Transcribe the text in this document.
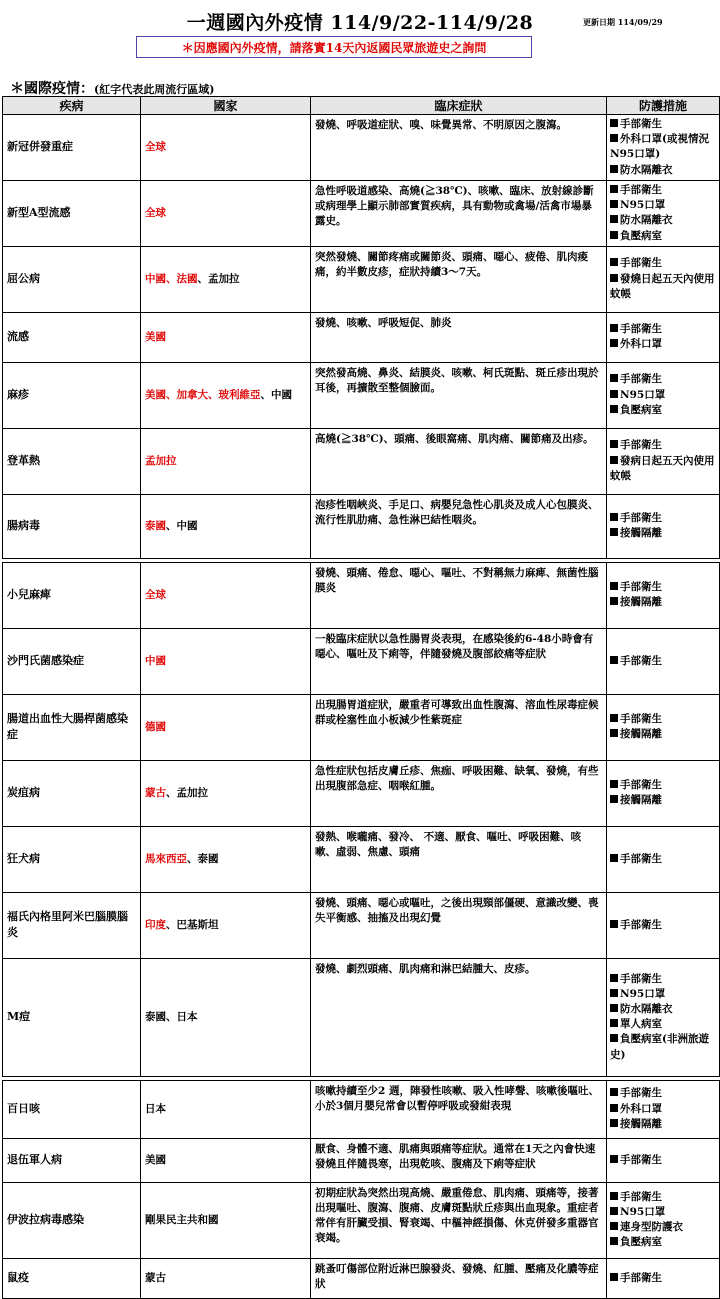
一週國內外疫情 114/9/22-114/9/28	更新日期 114/09/29
＊因應國內外疫情，請落實14天內返國民眾旅遊史之詢問
＊國際疫情：(紅字代表此周流行區域)
疾病	國家	臨床症狀	防護措施
新冠併發重症	全球	發燒、呼吸道症狀、嗅、味覺異常、不明原因之腹瀉。	手部衛生
外科口罩(或視情況N95口罩)
防水隔離衣

新型A型流感	全球	急性呼吸道感染、高燒(≧38℃)、咳嗽、臨床、放射線診斷或病理學上顯示肺部實質疾病，具有動物或禽場/活禽市場暴露史。	手部衛生
N95口罩
防水隔離衣
負壓病室

屈公病	中國、法國、孟加拉	突然發燒、關節疼痛或關節炎、頭痛、噁心、疲倦、肌肉痠痛，約半數皮疹，症狀持續3～7天。	手部衛生
發燒日起五天內使用蚊帳

流感	美國	發燒、咳嗽、呼吸短促、肺炎	手部衛生
外科口罩

麻疹	美國、加拿大、玻利維亞、中國	突然發高燒、鼻炎、結膜炎、咳嗽、柯氏斑點、斑丘疹出現於耳後，再擴散至整個臉面。	手部衛生
N95口罩
負壓病室

登革熱	孟加拉	高燒(≧38℃)、頭痛、後眼窩痛、肌肉痛、關節痛及出疹。	手部衛生
發病日起五天內使用蚊帳

腸病毒	泰國、中國	泡疹性咽峽炎、手足口、病嬰兒急性心肌炎及成人心包膜炎、流行性肌肋痛、急性淋巴結性咽炎。	手部衛生
接觸隔離

小兒麻痺	全球	發燒、頭痛、倦怠、噁心、嘔吐、不對稱無力麻痺、無菌性腦膜炎	手部衛生
接觸隔離

沙門氏菌感染症	中國	一般臨床症狀以急性腸胃炎表現，在感染後約6-48小時會有噁心、嘔吐及下痢等，伴隨發燒及腹部絞痛等症狀	手部衛生

腸道出血性大腸桿菌感染症	德國	出現腸胃道症狀，嚴重者可導致出血性腹瀉、溶血性尿毒症候 群或栓塞性血小板減少性紫斑症	手部衛生
接觸隔離

炭疽病	蒙古、孟加拉	急性症狀包括皮膚丘疹、焦痂、呼吸困難、缺氧、發燒，有些出現腹部急症、咽喉紅腫。	手部衛生
接觸隔離

狂犬病	馬來西亞、泰國	發熱、喉嚨痛、發冷、 不適、厭食、嘔吐、呼吸困難、咳嗽、虛弱、焦慮、頭痛	手部衛生

福氏內格里阿米巴腦膜腦炎	印度、巴基斯坦	發燒、頭痛、噁心或嘔吐，之後出現頸部僵硬、意識改變、喪失平衡感、抽搐及出現幻覺	手部衛生

M痘	泰國、日本	發燒、劇烈頭痛、肌肉痛和淋巴結腫大、皮疹。	手部衛生
N95口罩
防水隔離衣
單人病室
負壓病室(非洲旅遊史)

百日咳	日本	咳嗽持續至少2 週，陣發性咳嗽、吸入性哮聲、咳嗽後嘔吐、小於3個月嬰兒常會以暫停呼吸或發紺表現	手部衛生
外科口罩
接觸隔離

退伍軍人病	美國	厭食、身體不適、肌痛與頭痛等症狀。通常在1天之內會快速發燒且伴隨畏寒，出現乾咳、腹痛及下痢等症狀	手部衛生

伊波拉病毒感染	剛果民主共和國	初期症狀為突然出現高燒、嚴重倦怠、肌肉痛、頭痛等，接著出現嘔吐、腹瀉、腹痛、皮膚斑點狀丘疹與出血現象。重症者常伴有肝臟受損、腎衰竭、中樞神經損傷、休克併發多重器官衰竭。	手部衛生
N95口罩
連身型防護衣
負壓病室

鼠疫	蒙古	跳蚤叮傷部位附近淋巴腺發炎、發燒、紅腫、壓痛及化膿等症狀	手部衛生
